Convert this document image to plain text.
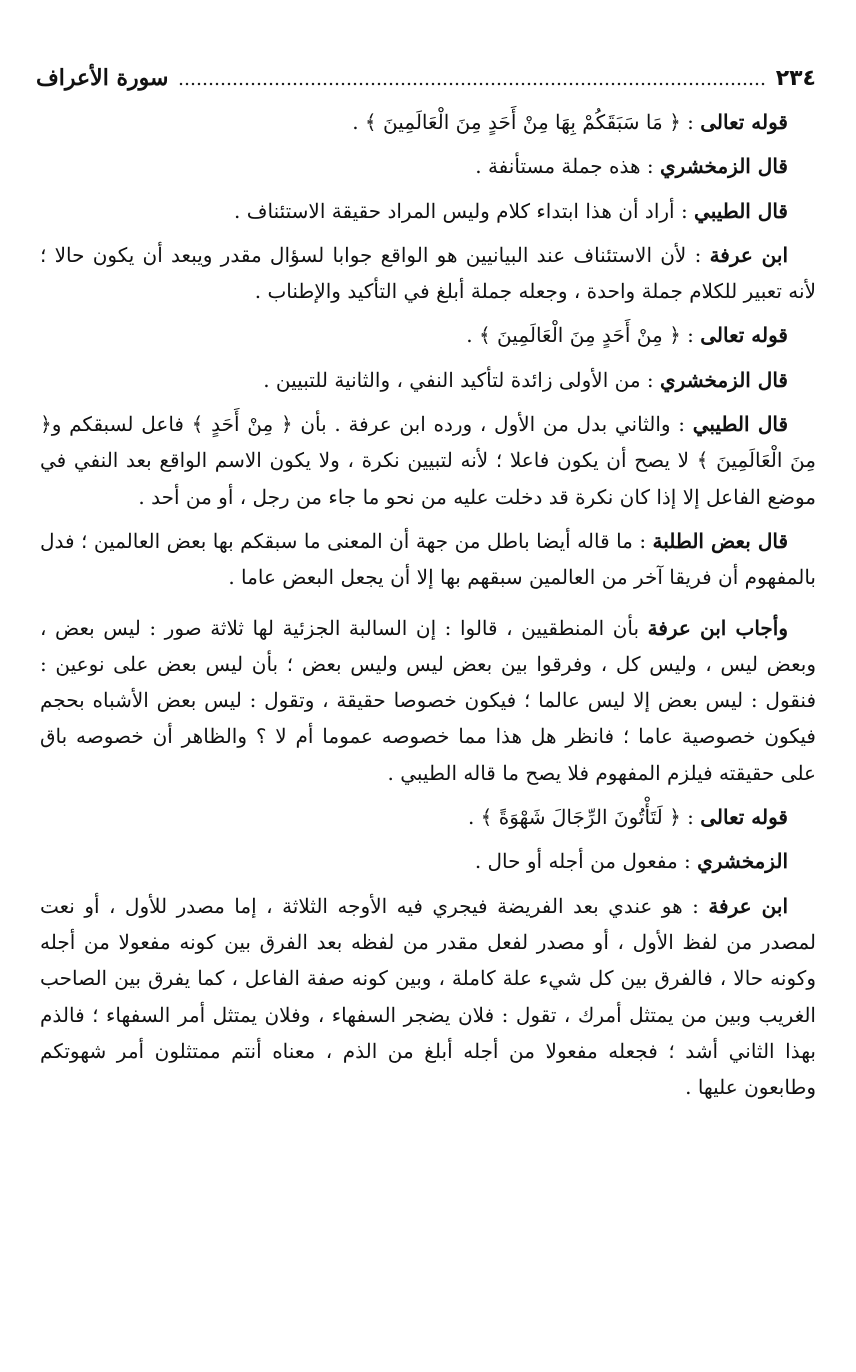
٢٣٤
سورة الأعراف

قوله تعالى : ﴿ مَا سَبَقَكُمْ بِهَا مِنْ أَحَدٍ مِنَ الْعَالَمِينَ ﴾ .

قال الزمخشري : هذه جملة مستأنفة .

قال الطيبي : أراد أن هذا ابتداء كلام وليس المراد حقيقة الاستئناف .

ابن عرفة : لأن الاستئناف عند البيانيين هو الواقع جوابا لسؤال مقدر ويبعد أن يكون حالا ؛ لأنه تعبير للكلام جملة واحدة ، وجعله جملة أبلغ في التأكيد والإطناب .

قوله تعالى : ﴿ مِنْ أَحَدٍ مِنَ الْعَالَمِينَ ﴾ .

قال الزمخشري : من الأولى زائدة لتأكيد النفي ، والثانية للتبيين .

قال الطيبي : والثاني بدل من الأول ، ورده ابن عرفة . بأن ﴿ مِنْ أَحَدٍ ﴾ فاعل لسبقكم و﴿ مِنَ الْعَالَمِينَ ﴾ لا يصح أن يكون فاعلا ؛ لأنه لتبيين نكرة ، ولا يكون الاسم الواقع بعد النفي في موضع الفاعل إلا إذا كان نكرة قد دخلت عليه من نحو ما جاء من رجل ، أو من أحد .

قال بعض الطلبة : ما قاله أيضا باطل من جهة أن المعنى ما سبقكم بها بعض العالمين ؛ فدل بالمفهوم أن فريقا آخر من العالمين سبقهم بها إلا أن يجعل البعض عاما .

وأجاب ابن عرفة بأن المنطقيين ، قالوا : إن السالبة الجزئية لها ثلاثة صور : ليس بعض ، وبعض ليس ، وليس كل ، وفرقوا بين بعض ليس وليس بعض ؛ بأن ليس بعض على نوعين : فنقول : ليس بعض إلا ليس عالما ؛ فيكون خصوصا حقيقة ، وتقول : ليس بعض الأشباه بحجم فيكون خصوصية عاما ؛ فانظر هل هذا مما خصوصه عموما أم لا ؟ والظاهر أن خصوصه باق على حقيقته فيلزم المفهوم فلا يصح ما قاله الطيبي .

قوله تعالى : ﴿ لَتَأْتُونَ الرِّجَالَ شَهْوَةً ﴾ .

الزمخشري : مفعول من أجله أو حال .

ابن عرفة : هو عندي بعد الفريضة فيجري فيه الأوجه الثلاثة ، إما مصدر للأول ، أو نعت لمصدر من لفظ الأول ، أو مصدر لفعل مقدر من لفظه بعد الفرق بين كونه مفعولا من أجله وكونه حالا ، فالفرق بين كل شيء علة كاملة ، وبين كونه صفة الفاعل ، كما يفرق بين الصاحب الغريب وبين من يمتثل أمرك ، تقول : فلان يضجر السفهاء ، وفلان يمتثل أمر السفهاء ؛ فالذم بهذا الثاني أشد ؛ فجعله مفعولا من أجله أبلغ من الذم ، معناه أنتم ممتثلون أمر شهوتكم وطابعون عليها .
